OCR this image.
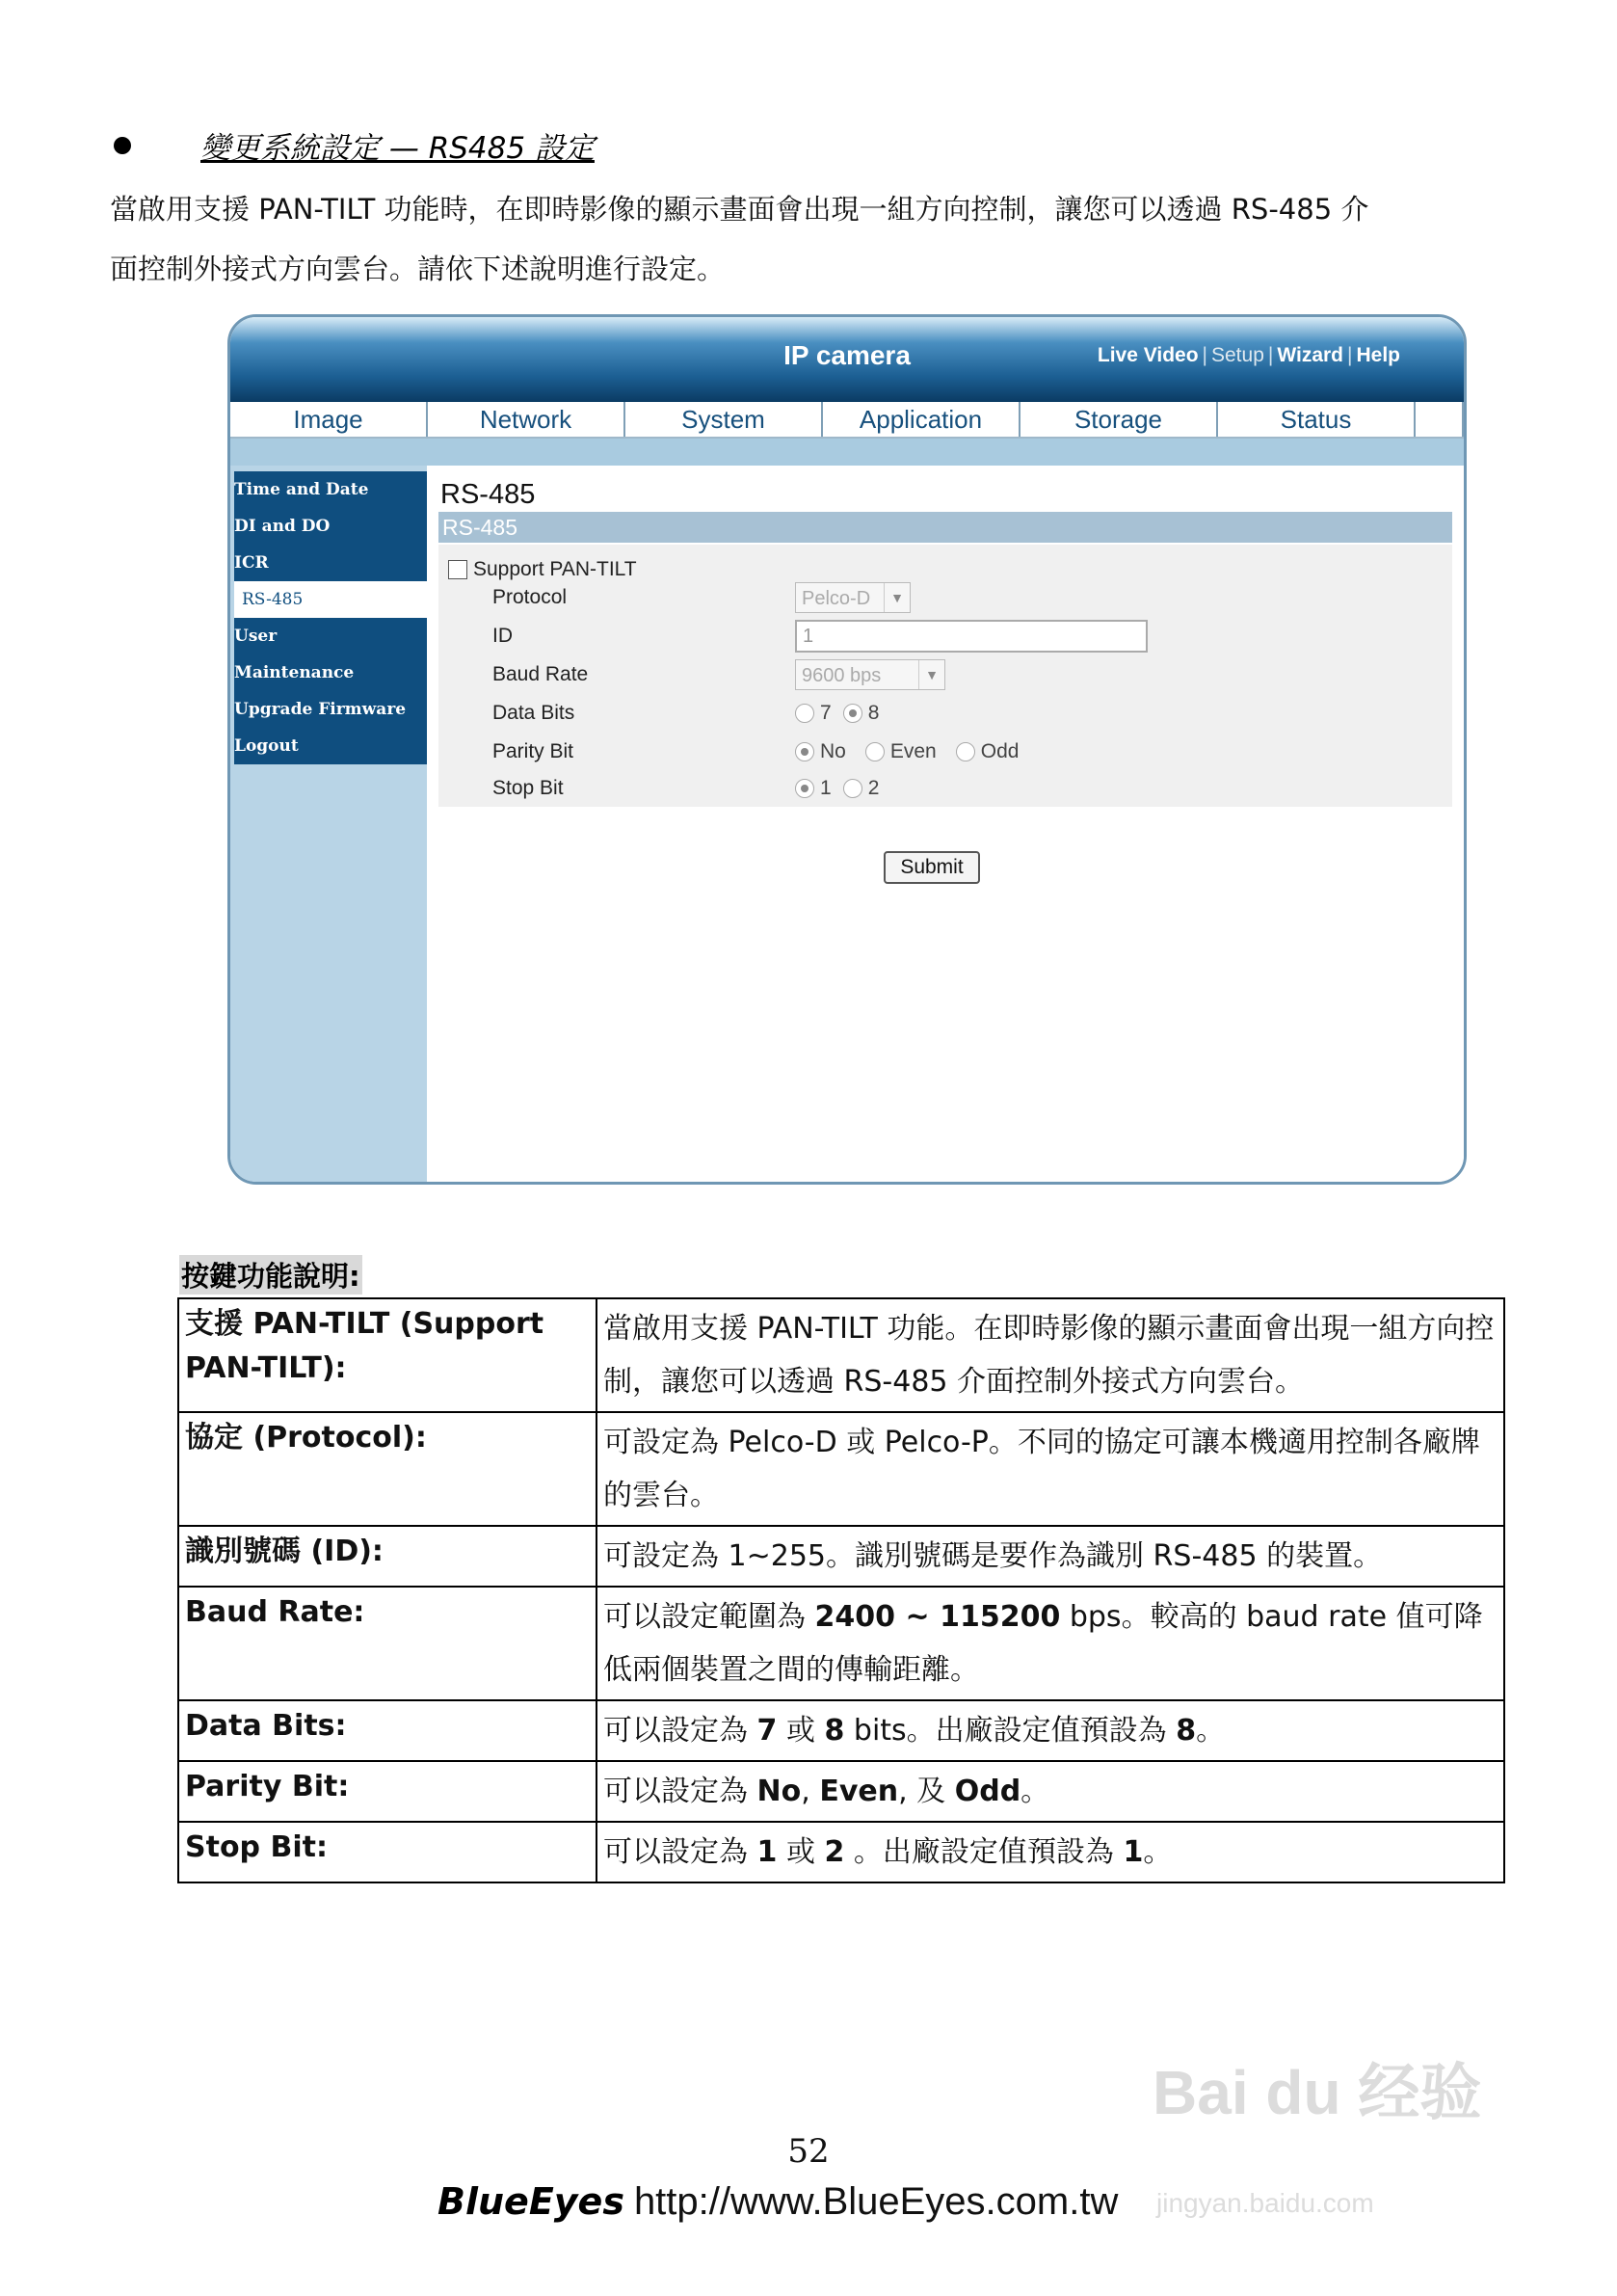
變更系統設定 — RS485 設定
當啟用支援 PAN-TILT 功能時，在即時影像的顯示畫面會出現一組方向控制，讓您可以透過 RS-485 介
面控制外接式方向雲台。請依下述說明進行設定。
IP camera	Live Video | Setup | Wizard | Help
Image	Network	System	Application	Storage	Status
Time and Date
DI and DO
ICR
RS-485
User
Maintenance
Upgrade Firmware
Logout
RS-485
RS-485
Support PAN-TILT
Protocol	Pelco-D	▼
ID	1
Baud Rate	9600 bps	▼
Data Bits	7 8
Parity Bit	No Even Odd
Stop Bit	1 2
Submit
按鍵功能說明:
支援 PAN-TILT (Support PAN-TILT):	當啟用支援 PAN-TILT 功能。在即時影像的顯示畫面會出現一組方向控制，讓您可以透過 RS-485 介面控制外接式方向雲台。
協定 (Protocol):	可設定為 Pelco-D 或 Pelco-P。不同的協定可讓本機適用控制各廠牌的雲台。
識別號碼 (ID):	可設定為 1~255。識別號碼是要作為識別 RS-485 的裝置。
Baud Rate:	可以設定範圍為 2400 ~ 115200 bps。較高的 baud rate 值可降低兩個裝置之間的傳輸距離。
Data Bits:	可以設定為 7 或 8 bits。出廠設定值預設為 8。
Parity Bit:	可以設定為 No, Even, 及 Odd。
Stop Bit:	可以設定為 1 或 2 。出廠設定值預設為 1。
Bai du 经验
52
BlueEyes http://www.BlueEyes.com.tw jingyan.baidu.com
